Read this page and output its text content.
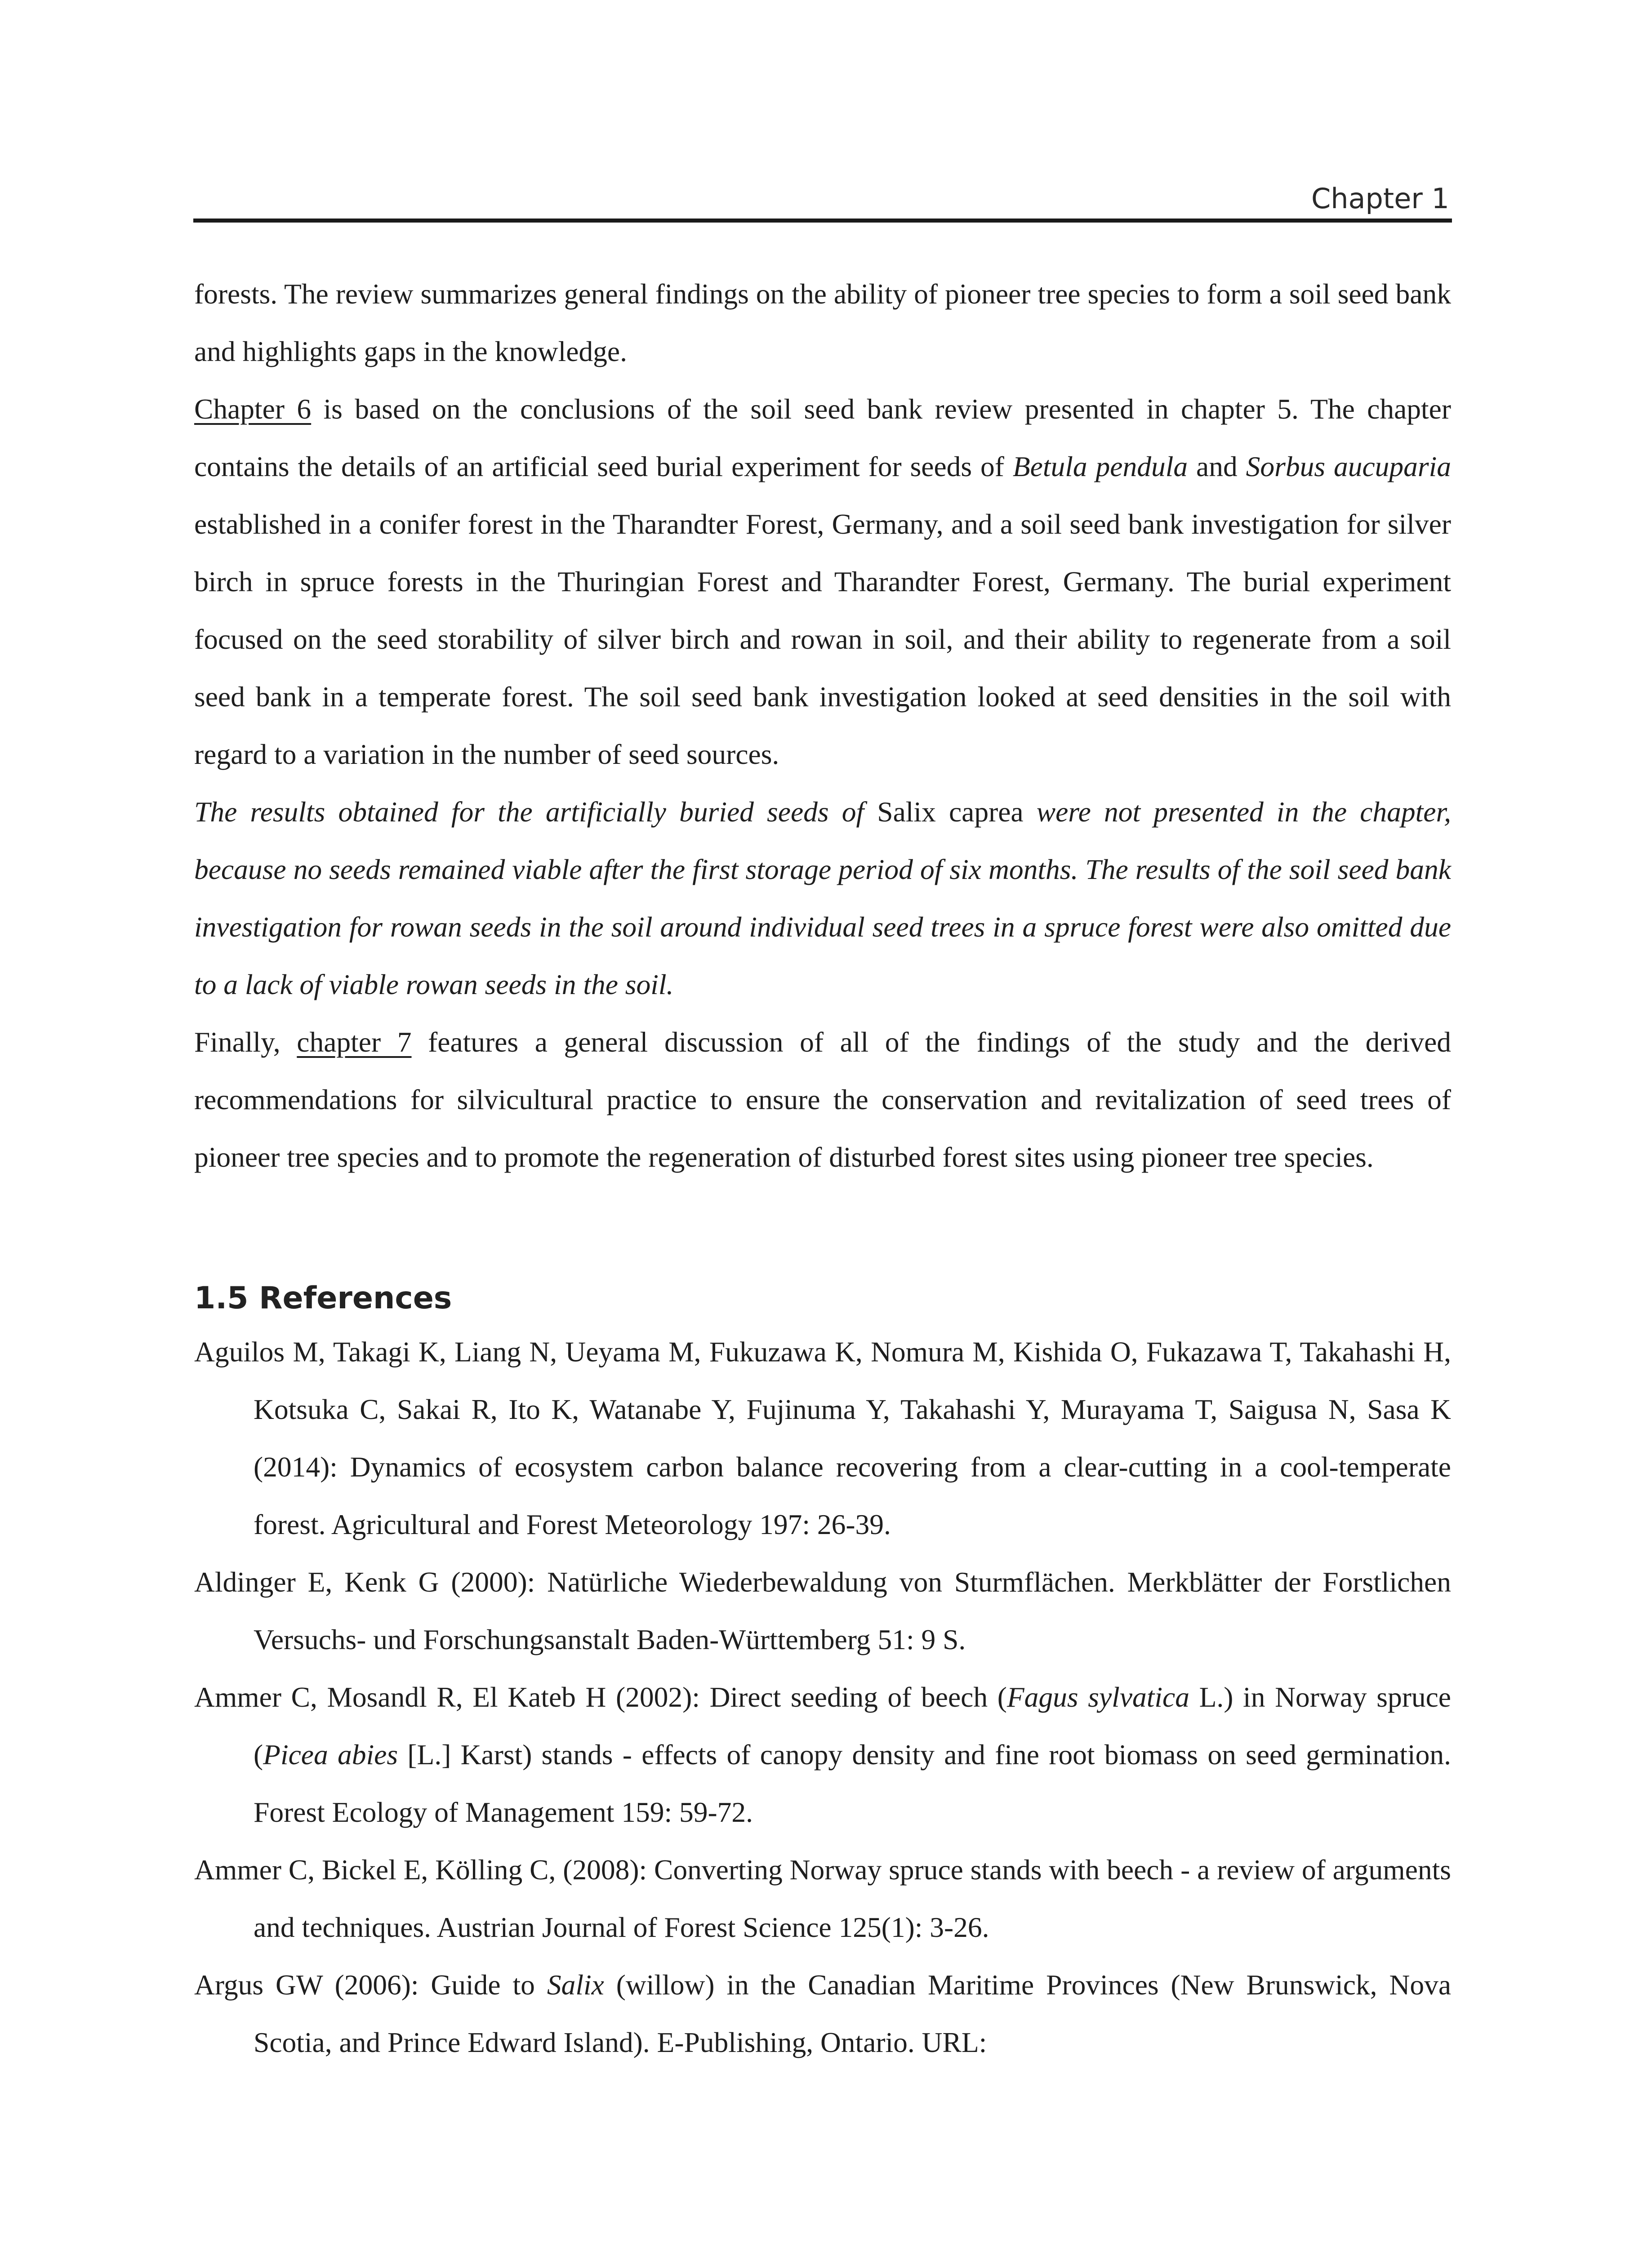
Chapter 1

forests. The review summarizes general findings on the ability of pioneer tree species to form a soil seed bank and highlights gaps in the knowledge.

Chapter 6 is based on the conclusions of the soil seed bank review presented in chapter 5. The chapter contains the details of an artificial seed burial experiment for seeds of Betula pendula and Sorbus aucuparia established in a conifer forest in the Tharandter Forest, Germany, and a soil seed bank investigation for silver birch in spruce forests in the Thuringian Forest and Tharandter Forest, Germany. The burial experiment focused on the seed storability of silver birch and rowan in soil, and their ability to regenerate from a soil seed bank in a temperate forest. The soil seed bank investigation looked at seed densities in the soil with regard to a variation in the number of seed sources.

The results obtained for the artificially buried seeds of Salix caprea were not presented in the chapter, because no seeds remained viable after the first storage period of six months. The results of the soil seed bank investigation for rowan seeds in the soil around individual seed trees in a spruce forest were also omitted due to a lack of viable rowan seeds in the soil.

Finally, chapter 7 features a general discussion of all of the findings of the study and the derived recommendations for silvicultural practice to ensure the conservation and revitalization of seed trees of pioneer tree species and to promote the regeneration of disturbed forest sites using pioneer tree species.

1.5 References

Aguilos M, Takagi K, Liang N, Ueyama M, Fukuzawa K, Nomura M, Kishida O, Fukazawa T, Takahashi H, Kotsuka C, Sakai R, Ito K, Watanabe Y, Fujinuma Y, Takahashi Y, Murayama T, Saigusa N, Sasa K (2014): Dynamics of ecosystem carbon balance recovering from a clear-cutting in a cool-temperate forest. Agricultural and Forest Meteorology 197: 26-39.

Aldinger E, Kenk G (2000): Natürliche Wiederbewaldung von Sturmflächen. Merkblätter der Forstlichen Versuchs- und Forschungsanstalt Baden-Württemberg 51: 9 S.

Ammer C, Mosandl R, El Kateb H (2002): Direct seeding of beech (Fagus sylvatica L.) in Norway spruce (Picea abies [L.] Karst) stands - effects of canopy density and fine root biomass on seed germination. Forest Ecology of Management 159: 59-72.

Ammer C, Bickel E, Kölling C, (2008): Converting Norway spruce stands with beech - a review of arguments and techniques. Austrian Journal of Forest Science 125(1): 3-26.

Argus GW (2006): Guide to Salix (willow) in the Canadian Maritime Provinces (New Brunswick, Nova Scotia, and Prince Edward Island). E-Publishing, Ontario. URL:
